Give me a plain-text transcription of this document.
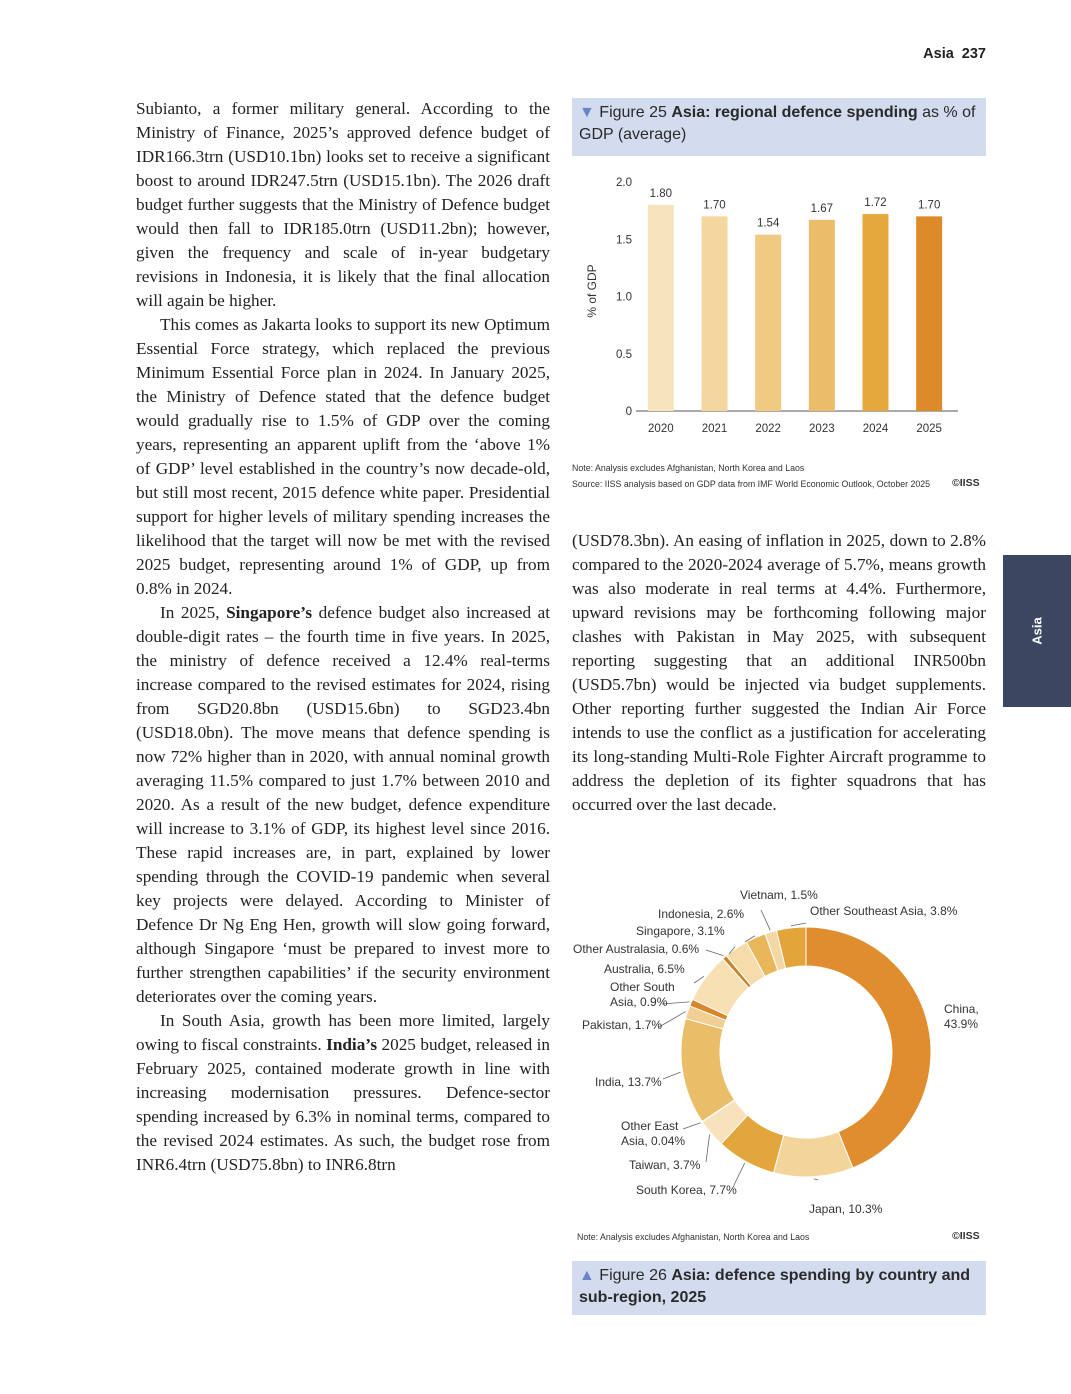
Asia 237
Asia

Subianto, a former military general. According to the Ministry of Finance, 2025’s approved defence budget of IDR166.3trn (USD10.1bn) looks set to receive a significant boost to around IDR247.5trn (USD15.1bn). The 2026 draft budget further suggests that the Ministry of Defence budget would then fall to IDR185.0trn (USD11.2bn); however, given the frequency and scale of in-year budgetary revisions in Indonesia, it is likely that the final allocation will again be higher.

This comes as Jakarta looks to support its new Optimum Essential Force strategy, which replaced the previous Minimum Essential Force plan in 2024. In January 2025, the Ministry of Defence stated that the defence budget would gradually rise to 1.5% of GDP over the coming years, representing an apparent uplift from the ‘above 1% of GDP’ level established in the country’s now decade-old, but still most recent, 2015 defence white paper. Presidential support for higher levels of military spending increases the likelihood that the target will now be met with the revised 2025 budget, representing around 1% of GDP, up from 0.8% in 2024.

In 2025, Singapore’s defence budget also increased at double-digit rates – the fourth time in five years. In 2025, the ministry of defence received a 12.4% real-terms increase compared to the revised estimates for 2024, rising from SGD20.8bn (USD15.6bn) to SGD23.4bn (USD18.0bn). The move means that defence spending is now 72% higher than in 2020, with annual nominal growth averaging 11.5% compared to just 1.7% between 2010 and 2020. As a result of the new budget, defence expenditure will increase to 3.1% of GDP, its highest level since 2016. These rapid increases are, in part, explained by lower spending through the COVID-19 pandemic when several key projects were delayed. According to Minister of Defence Dr Ng Eng Hen, growth will slow going forward, although Singapore ‘must be prepared to invest more to further strengthen capabilities’ if the security environment deteriorates over the coming years.

In South Asia, growth has been more limited, largely owing to fiscal constraints. India’s 2025 budget, released in February 2025, contained moderate growth in line with increasing modernisation pressures. Defence-sector spending increased by 6.3% in nominal terms, compared to the revised 2024 estimates. As such, the budget rose from INR6.4trn (USD75.8bn) to INR6.8trn

(USD78.3bn). An easing of inflation in 2025, down to 2.8% compared to the 2020-2024 average of 5.7%, means growth was also moderate in real terms at 4.4%. Furthermore, upward revisions may be forthcoming following major clashes with Pakistan in May 2025, with subsequent reporting suggesting that an additional INR500bn (USD5.7bn) would be injected via budget supplements. Other reporting further suggested the Indian Air Force intends to use the conflict as a justification for accelerating its long-standing Multi-Role Fighter Aircraft programme to address the depletion of its fighter squadrons that has occurred over the last decade.

▼ Figure 25 Asia: regional defence spending as % of GDP (average)
% of GDP
0
0.5
1.0
1.5
2.0
1.80
1.70
1.54
1.67	1.72	1.70
2020 2021 2022 2023 2024 2025
Note: Analysis excludes Afghanistan, North Korea and Laos
Source: IISS analysis based on GDP data from IMF World Economic Outlook, October 2025 ©IISS
China, 43.9%
Japan, 10.3%
South Korea, 7.7%
Taiwan, 3.7%
Other East Asia, 0.04%
India, 13.7%
Pakistan, 1.7%
Other South Asia, 0.9%
Australia, 6.5%
Other Australasia, 0.6%
Singapore, 3.1%
Indonesia, 2.6%
Vietnam, 1.5%
Other Southeast Asia, 3.8%
Note: Analysis excludes Afghanistan, North Korea and Laos	©IISS
▲ Figure 26 Asia: defence spending by country and sub-region, 2025
